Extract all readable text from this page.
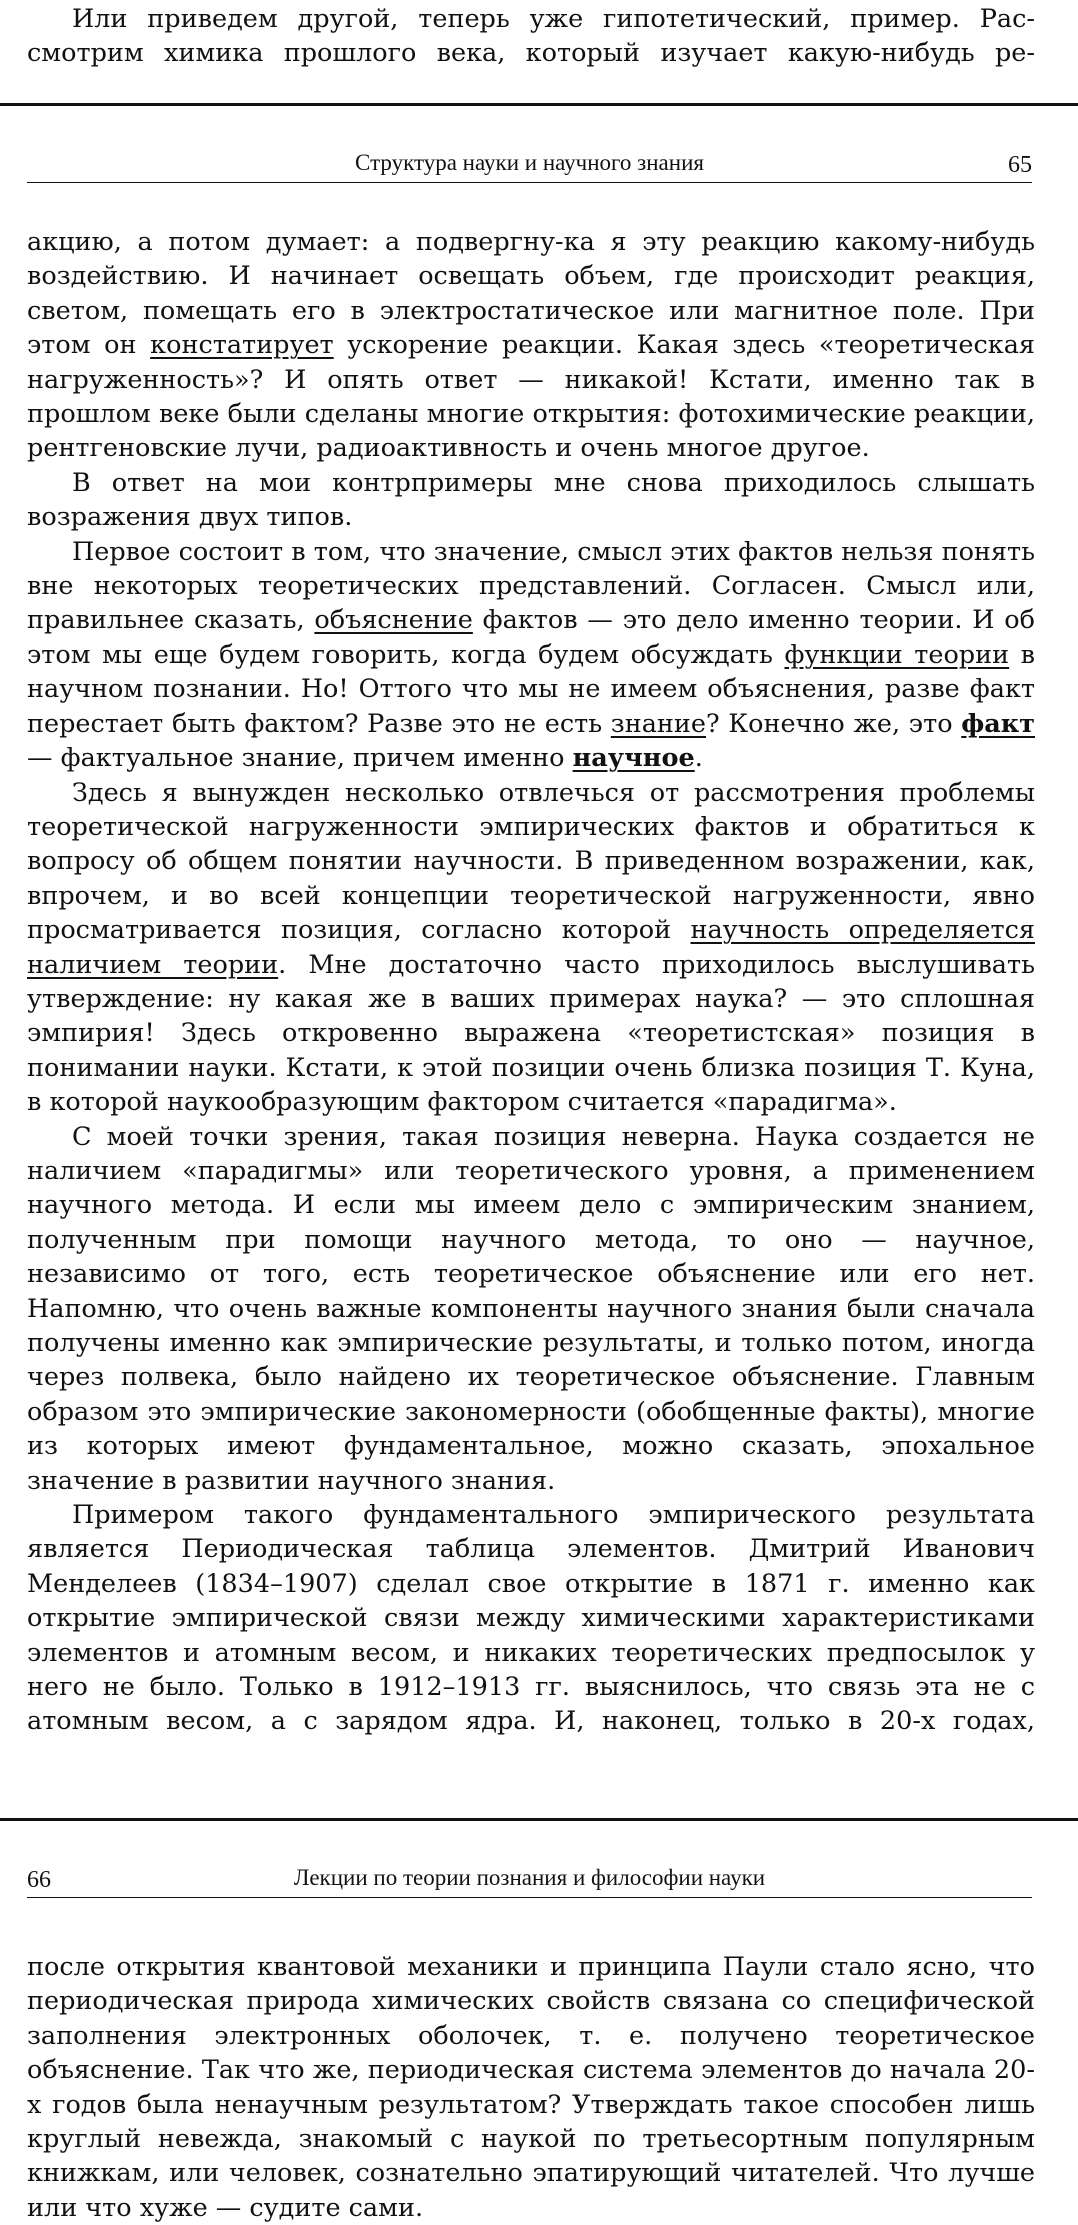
Или приведем другой, теперь уже гипотетический, пример. Рас-

смотрим химика прошлого века, который изучает какую-нибудь ре-

Структура науки и научного знания	65

акцию, а потом думает: а подвергну-ка я эту реакцию какому-нибудь воздействию. И начинает освещать объем, где происходит реакция, светом, помещать его в электростатическое или магнитное поле. При этом он констатирует ускорение реакции. Какая здесь «теоретическая нагруженность»? И опять ответ — никакой! Кстати, именно так в прошлом веке были сделаны многие открытия: фотохимические реакции, рентгеновские лучи, радиоактивность и очень многое другое.

В ответ на мои контрпримеры мне снова приходилось слышать возражения двух типов.

Первое состоит в том, что значение, смысл этих фактов нельзя понять вне некоторых теоретических представлений. Согласен. Смысл или, правильнее сказать, объяснение фактов — это дело именно теории. И об этом мы еще будем говорить, когда будем обсуждать функции теории в научном познании. Но! Оттого что мы не имеем объяснения, разве факт перестает быть фактом? Разве это не есть знание? Конечно же, это факт — фактуальное знание, причем именно научное.

Здесь я вынужден несколько отвлечься от рассмотрения проблемы теоретической нагруженности эмпирических фактов и обратиться к вопросу об общем понятии научности. В приведенном возражении, как, впрочем, и во всей концепции теоретической нагруженности, явно просматривается позиция, согласно которой научность определяется наличием теории. Мне достаточно часто приходилось выслушивать утверждение: ну какая же в ваших примерах наука? — это сплошная эмпирия! Здесь откровенно выражена «теоретистская» позиция в понимании науки. Кстати, к этой позиции очень близка позиция Т. Куна, в которой наукообразующим фактором считается «парадигма».

С моей точки зрения, такая позиция неверна. Наука создается не наличием «парадигмы» или теоретического уровня, а применением научного метода. И если мы имеем дело с эмпирическим знанием, полученным при помощи научного метода, то оно — научное, независимо от того, есть теоретическое объяснение или его нет. Напомню, что очень важные компоненты научного знания были сначала получены именно как эмпирические результаты, и только потом, иногда через полвека, было найдено их теоретическое объяснение. Главным образом это эмпирические закономерности (обобщенные факты), многие из которых имеют фундаментальное, можно сказать, эпохальное значение в развитии научного знания.

Примером такого фундаментального эмпирического результата является Периодическая таблица элементов. Дмитрий Иванович Менделеев (1834–1907) сделал свое открытие в 1871 г. именно как открытие эмпирической связи между химическими характеристиками элементов и атомным весом, и никаких теоретических предпосылок у него не было. Только в 1912–1913 гг. выяснилось, что связь эта не с атомным весом, а с зарядом ядра. И, наконец, только в 20-х годах,

66	Лекции по теории познания и философии науки

после открытия квантовой механики и принципа Паули стало ясно, что периодическая природа химических свойств связана со специфической заполнения электронных оболочек, т. е. получено теоретическое объяснение. Так что же, периодическая система элементов до начала 20-х годов была ненаучным результатом? Утверждать такое способен лишь круглый невежда, знакомый с наукой по третьесортным популярным книжкам, или человек, сознательно эпатирующий читателей. Что лучше или что хуже — судите сами.
